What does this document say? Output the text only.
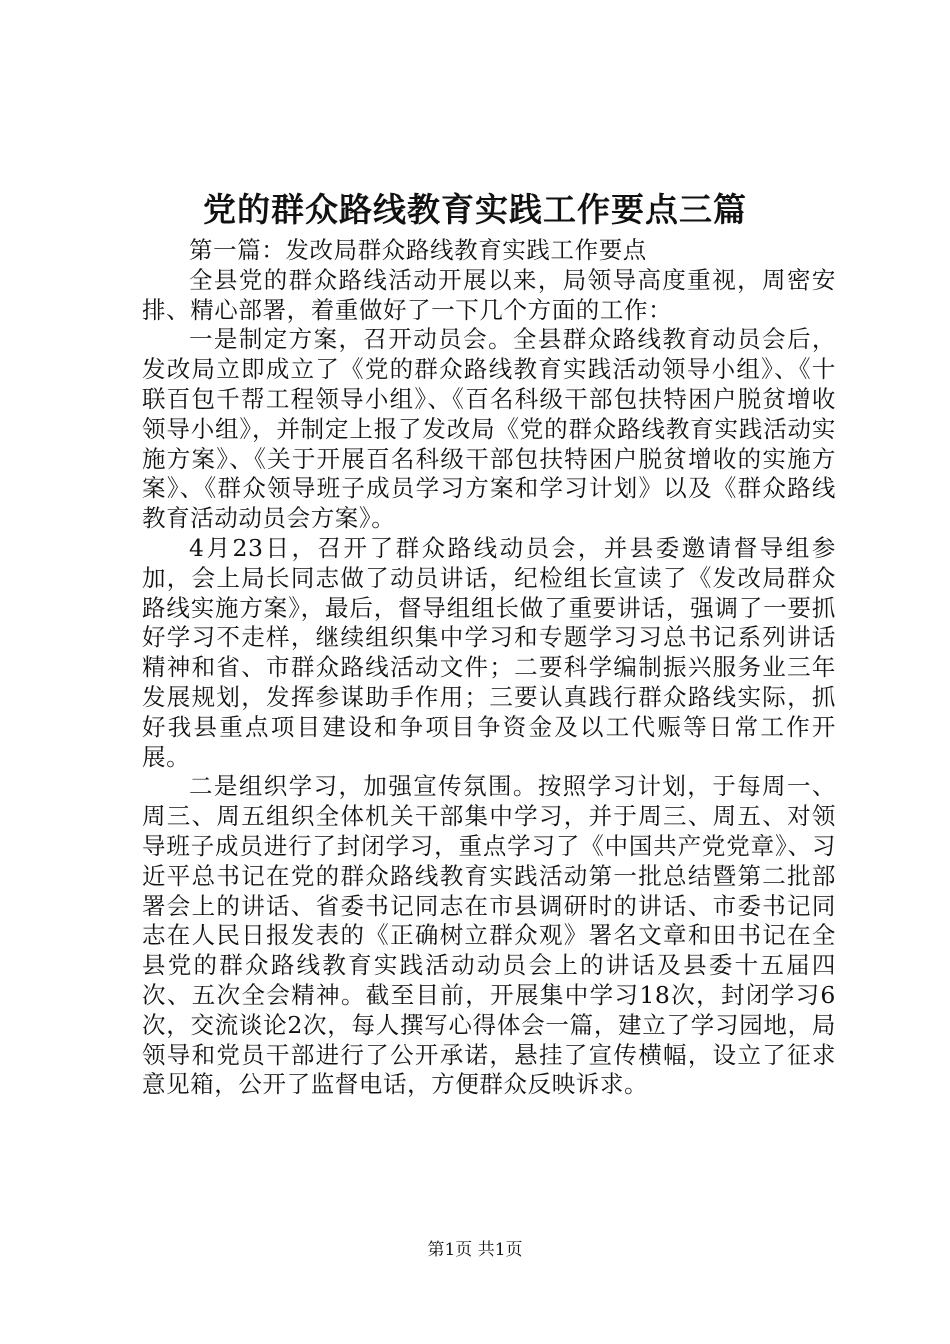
党的群众路线教育实践工作要点三篇

第一篇：发改局群众路线教育实践工作要点

全县党的群众路线活动开展以来，局领导高度重视，周密安排、精心部署，着重做好了一下几个方面的工作：

一是制定方案，召开动员会。全县群众路线教育动员会后，发改局立即成立了《党的群众路线教育实践活动领导小组》、《十联百包千帮工程领导小组》、《百名科级干部包扶特困户脱贫增收领导小组》，并制定上报了发改局《党的群众路线教育实践活动实施方案》、《关于开展百名科级干部包扶特困户脱贫增收的实施方案》、《群众领导班子成员学习方案和学习计划》以及《群众路线教育活动动员会方案》。

4月23日，召开了群众路线动员会，并县委邀请督导组参加，会上局长同志做了动员讲话，纪检组长宣读了《发改局群众路线实施方案》，最后，督导组组长做了重要讲话，强调了一要抓好学习不走样，继续组织集中学习和专题学习习总书记系列讲话精神和省、市群众路线活动文件；二要科学编制振兴服务业三年发展规划，发挥参谋助手作用；三要认真践行群众路线实际，抓好我县重点项目建设和争项目争资金及以工代赈等日常工作开展。

二是组织学习，加强宣传氛围。按照学习计划，于每周一、周三、周五组织全体机关干部集中学习，并于周三、周五、对领导班子成员进行了封闭学习，重点学习了《中国共产党党章》、习近平总书记在党的群众路线教育实践活动第一批总结暨第二批部署会上的讲话、省委书记同志在市县调研时的讲话、市委书记同志在人民日报发表的《正确树立群众观》署名文章和田书记在全县党的群众路线教育实践活动动员会上的讲话及县委十五届四次、五次全会精神。截至目前，开展集中学习18次，封闭学习6次，交流谈论2次，每人撰写心得体会一篇，建立了学习园地，局领导和党员干部进行了公开承诺，悬挂了宣传横幅，设立了征求意见箱，公开了监督电话，方便群众反映诉求。

第1页 共1页
